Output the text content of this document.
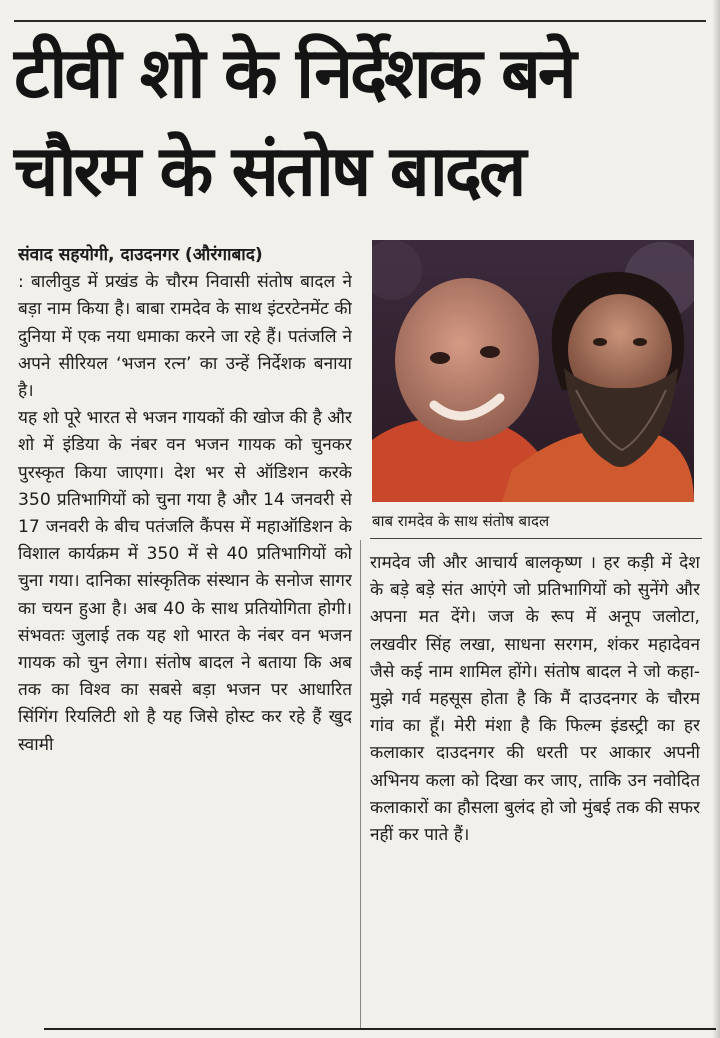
टीवी शो के निर्देशक बने
चौरम के संतोष बादल

संवाद सहयोगी, दाउदनगर (औरंगाबाद)
: बालीवुड में प्रखंड के चौरम निवासी संतोष बादल ने बड़ा नाम किया है। बाबा रामदेव के साथ इंटरटेनमेंट की दुनिया में एक नया धमाका करने जा रहे हैं। पतंजलि ने अपने सीरियल ‘भजन रत्न’ का उन्हें निर्देशक बनाया है।

यह शो पूरे भारत से भजन गायकों की खोज की है और शो में इंडिया के नंबर वन भजन गायक को चुनकर पुरस्कृत किया जाएगा। देश भर से ऑडिशन करके 350 प्रतिभागियों को चुना गया है और 14 जनवरी से 17 जनवरी के बीच पतंजलि कैंपस में महाऑडिशन के विशाल कार्यक्रम में 350 में से 40 प्रतिभागियों को चुना गया। दानिका सांस्कृतिक संस्थान के सनोज सागर का चयन हुआ है। अब 40 के साथ प्रतियोगिता होगी। संभवतः जुलाई तक यह शो भारत के नंबर वन भजन गायक को चुन लेगा। संतोष बादल ने बताया कि अब तक का विश्व का सबसे बड़ा भजन पर आधारित सिंगिंग रियलिटी शो है यह जिसे होस्ट कर रहे हैं खुद स्वामी

बाब रामदेव के साथ संतोष बादल

रामदेव जी और आचार्य बालकृष्ण । हर कड़ी में देश के बड़े बड़े संत आएंगे जो प्रतिभागियों को सुनेंगे और अपना मत देंगे। जज के रूप में अनूप जलोटा, लखवीर सिंह लखा, साधना सरगम, शंकर महादेवन जैसे कई नाम शामिल होंगे। संतोष बादल ने जो कहा- मुझे गर्व महसूस होता है कि मैं दाउदनगर के चौरम गांव का हूँ। मेरी मंशा है कि फिल्म इंडस्ट्री का हर कलाकार दाउदनगर की धरती पर आकार अपनी अभिनय कला को दिखा कर जाए, ताकि उन नवोदित कलाकारों का हौसला बुलंद हो जो मुंबई तक की सफर नहीं कर पाते हैं।
